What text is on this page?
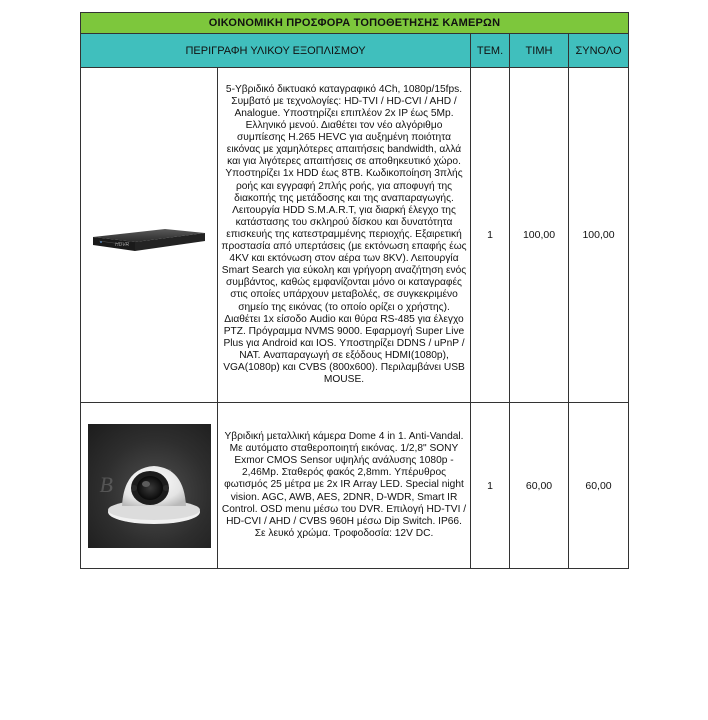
ΟΙΚΟΝΟΜΙΚΗ ΠΡΟΣΦΟΡΑ ΤΟΠΟΘΕΤΗΣΗΣ ΚΑΜΕΡΩΝ				
ΠΕΡΙΓΡΑΦΗ ΥΛΙΚΟΥ ΕΞΟΠΛΙΣΜΟΥ		ΤΕΜ.	ΤΙΜΗ	ΣΥΝΟΛΟ

HDVR	5-Υβριδικό δικτυακό καταγραφικό 4Ch, 1080p/15fps. Συμβατό με τεχνολογίες: HD-TVI / HD-CVI / AHD / Analogue. Υποστηρίζει επιπλέον 2x IP έως 5Mp. Ελληνικό μενού. Διαθέτει τον νέο αλγόριθμο συμπίεσης H.265 HEVC για αυξημένη ποιότητα εικόνας με χαμηλότερες απαιτήσεις bandwidth, αλλά και για λιγότερες απαιτήσεις σε αποθηκευτικό χώρο. Υποστηρίζει 1x HDD έως 8TB. Κωδικοποίηση 3πλής ροής και εγγραφή 2πλής ροής, για αποφυγή της διακοπής της μετάδοσης και της αναπαραγωγής. Λειτουργία HDD S.M.A.R.T, για διαρκή έλεγχο της κατάστασης του σκληρού δίσκου και δυνατότητα επισκευής της κατεστραμμένης περιοχής. Εξαιρετική προστασία από υπερτάσεις (με εκτόνωση επαφής έως 4KV και εκτόνωση στον αέρα των 8KV). Λειτουργία Smart Search για εύκολη και γρήγορη αναζήτηση ενός συμβάντος, καθώς εμφανίζονται μόνο οι καταγραφές στις οποίες υπάρχουν μεταβολές, σε συγκεκριμένο σημείο της εικόνας (το οποίο ορίζει ο χρήστης). Διαθέτει 1x είσοδο Audio και θύρα RS-485 για έλεγχο PTZ. Πρόγραμμα NVMS 9000. Εφαρμογή Super Live Plus για Android και IOS. Υποστηρίζει DDNS / uPnP / NAT. Αναπαραγωγή σε εξόδους HDMI(1080p), VGA(1080p) και CVBS (800x600). Περιλαμβάνει USB MOUSE.	1	100,00	100,00

B	Υβριδική μεταλλική κάμερα Dome 4 in 1. Anti-Vandal. Με αυτόματο σταθεροποιητή εικόνας. 1/2,8" SONY Exmor CMOS Sensor υψηλής ανάλυσης 1080p - 2,46Mp. Σταθερός φακός 2,8mm. Υπέρυθρος φωτισμός 25 μέτρα με 2x IR Array LED. Special night vision. AGC, AWB, AES, 2DNR, D-WDR, Smart IR Control. OSD menu μέσω του DVR. Επιλογή HD-TVI / HD-CVI / AHD / CVBS 960H μέσω Dip Switch. IP66. Σε λευκό χρώμα. Τροφοδοσία: 12V DC.	1	60,00	60,00
